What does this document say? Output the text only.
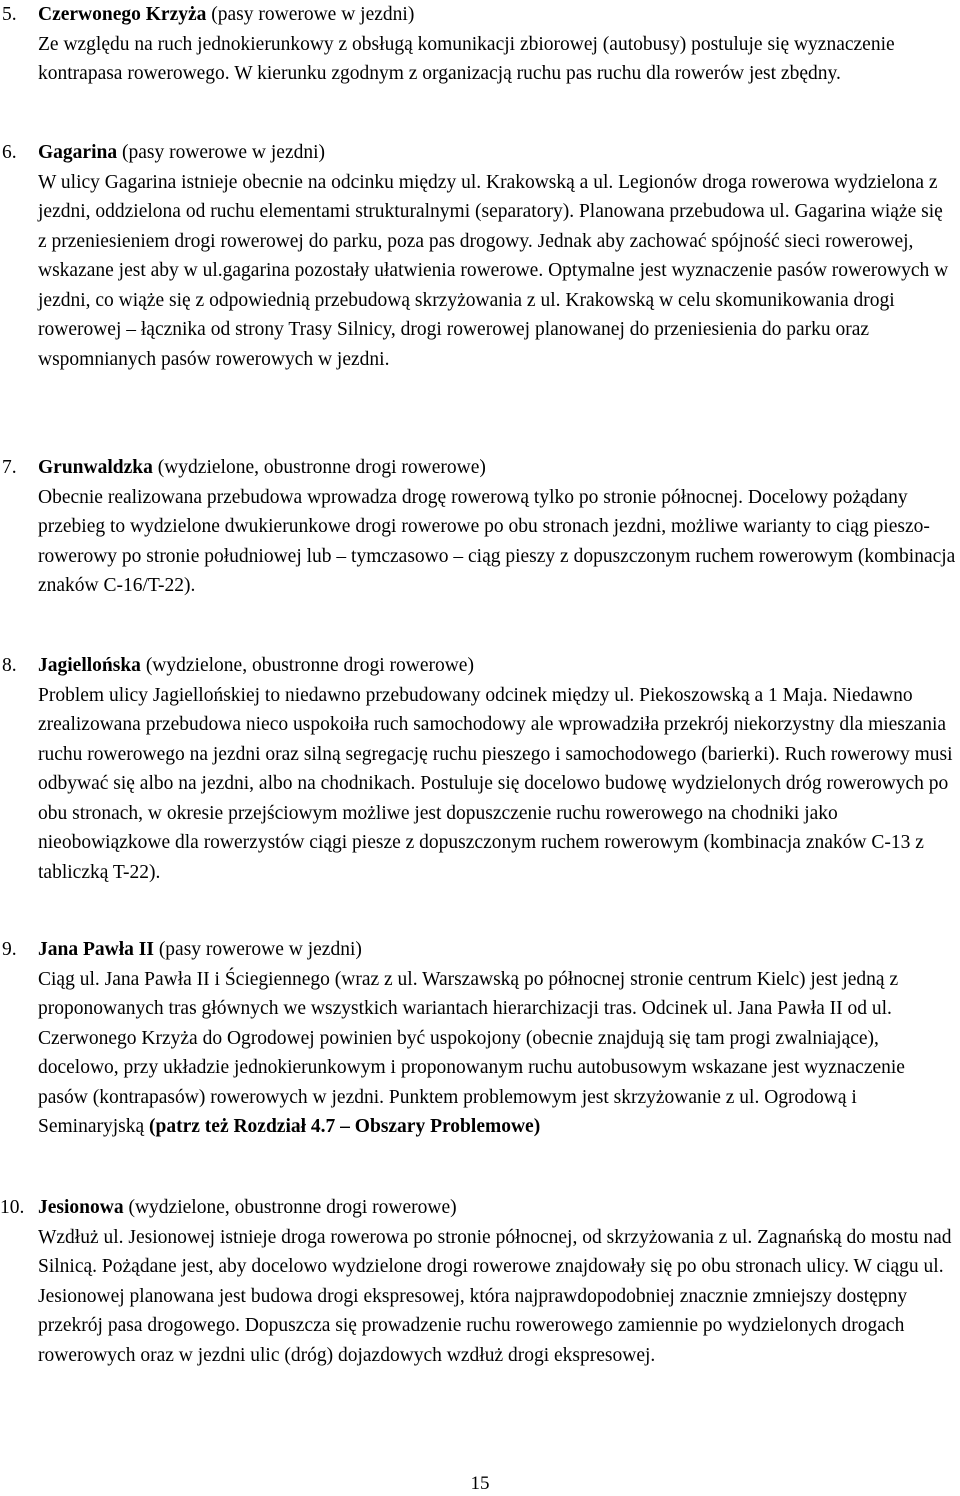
5. Czerwonego Krzyża (pasy rowerowe w jezdni)

Ze względu na ruch jednokierunkowy z obsługą komunikacji zbiorowej (autobusy) postuluje się wyznaczenie kontrapasa rowerowego. W kierunku zgodnym z organizacją ruchu pas ruchu dla rowerów jest zbędny.

6. Gagarina (pasy rowerowe w jezdni)

W ulicy Gagarina istnieje obecnie na odcinku między ul. Krakowską a ul. Legionów droga rowerowa wydzielona z jezdni, oddzielona od ruchu elementami strukturalnymi (separatory). Planowana przebudowa ul. Gagarina wiąże się z przeniesieniem drogi rowerowej do parku, poza pas drogowy. Jednak aby zachować spójność sieci rowerowej, wskazane jest aby w ul.gagarina pozostały ułatwienia rowerowe. Optymalne jest wyznaczenie pasów rowerowych w jezdni, co wiąże się z odpowiednią przebudową skrzyżowania z ul. Krakowską w celu skomunikowania drogi rowerowej – łącznika od strony Trasy Silnicy, drogi rowerowej planowanej do przeniesienia do parku oraz wspomnianych pasów rowerowych w jezdni.

7. Grunwaldzka (wydzielone, obustronne drogi rowerowe)

Obecnie realizowana przebudowa wprowadza drogę rowerową tylko po stronie północnej. Docelowy pożądany przebieg to wydzielone dwukierunkowe drogi rowerowe po obu stronach jezdni, możliwe warianty to ciąg pieszo-rowerowy po stronie południowej lub – tymczasowo – ciąg pieszy z dopuszczonym ruchem rowerowym (kombinacja znaków C-16/T-22).

8. Jagiellońska (wydzielone, obustronne drogi rowerowe)

Problem ulicy Jagiellońskiej to niedawno przebudowany odcinek między ul. Piekoszowską a 1 Maja. Niedawno zrealizowana przebudowa nieco uspokoiła ruch samochodowy ale wprowadziła przekrój niekorzystny dla mieszania ruchu rowerowego na jezdni oraz silną segregację ruchu pieszego i samochodowego (barierki). Ruch rowerowy musi odbywać się albo na jezdni, albo na chodnikach. Postuluje się docelowo budowę wydzielonych dróg rowerowych po obu stronach, w okresie przejściowym możliwe jest dopuszczenie ruchu rowerowego na chodniki jako nieobowiązkowe dla rowerzystów ciągi piesze z dopuszczonym ruchem rowerowym (kombinacja znaków C-13 z tabliczką T-22).

9. Jana Pawła II (pasy rowerowe w jezdni)

Ciąg ul. Jana Pawła II i Ściegiennego (wraz z ul. Warszawską po północnej stronie centrum Kielc) jest jedną z proponowanych tras głównych we wszystkich wariantach hierarchizacji tras. Odcinek ul. Jana Pawła II od ul. Czerwonego Krzyża do Ogrodowej powinien być uspokojony (obecnie znajdują się tam progi zwalniające), docelowo, przy układzie jednokierunkowym i proponowanym ruchu autobusowym wskazane jest wyznaczenie pasów (kontrapasów) rowerowych w jezdni. Punktem problemowym jest skrzyżowanie z ul. Ogrodową i Seminaryjską (patrz też Rozdział 4.7 – Obszary Problemowe)

10. Jesionowa (wydzielone, obustronne drogi rowerowe)

Wzdłuż ul. Jesionowej istnieje droga rowerowa po stronie północnej, od skrzyżowania z ul. Zagnańską do mostu nad Silnicą. Pożądane jest, aby docelowo wydzielone drogi rowerowe znajdowały się po obu stronach ulicy. W ciągu ul. Jesionowej planowana jest budowa drogi ekspresowej, która najprawdopodobniej znacznie zmniejszy dostępny przekrój pasa drogowego. Dopuszcza się prowadzenie ruchu rowerowego zamiennie po wydzielonych drogach rowerowych oraz w jezdni ulic (dróg) dojazdowych wzdłuż drogi ekspresowej.

15
